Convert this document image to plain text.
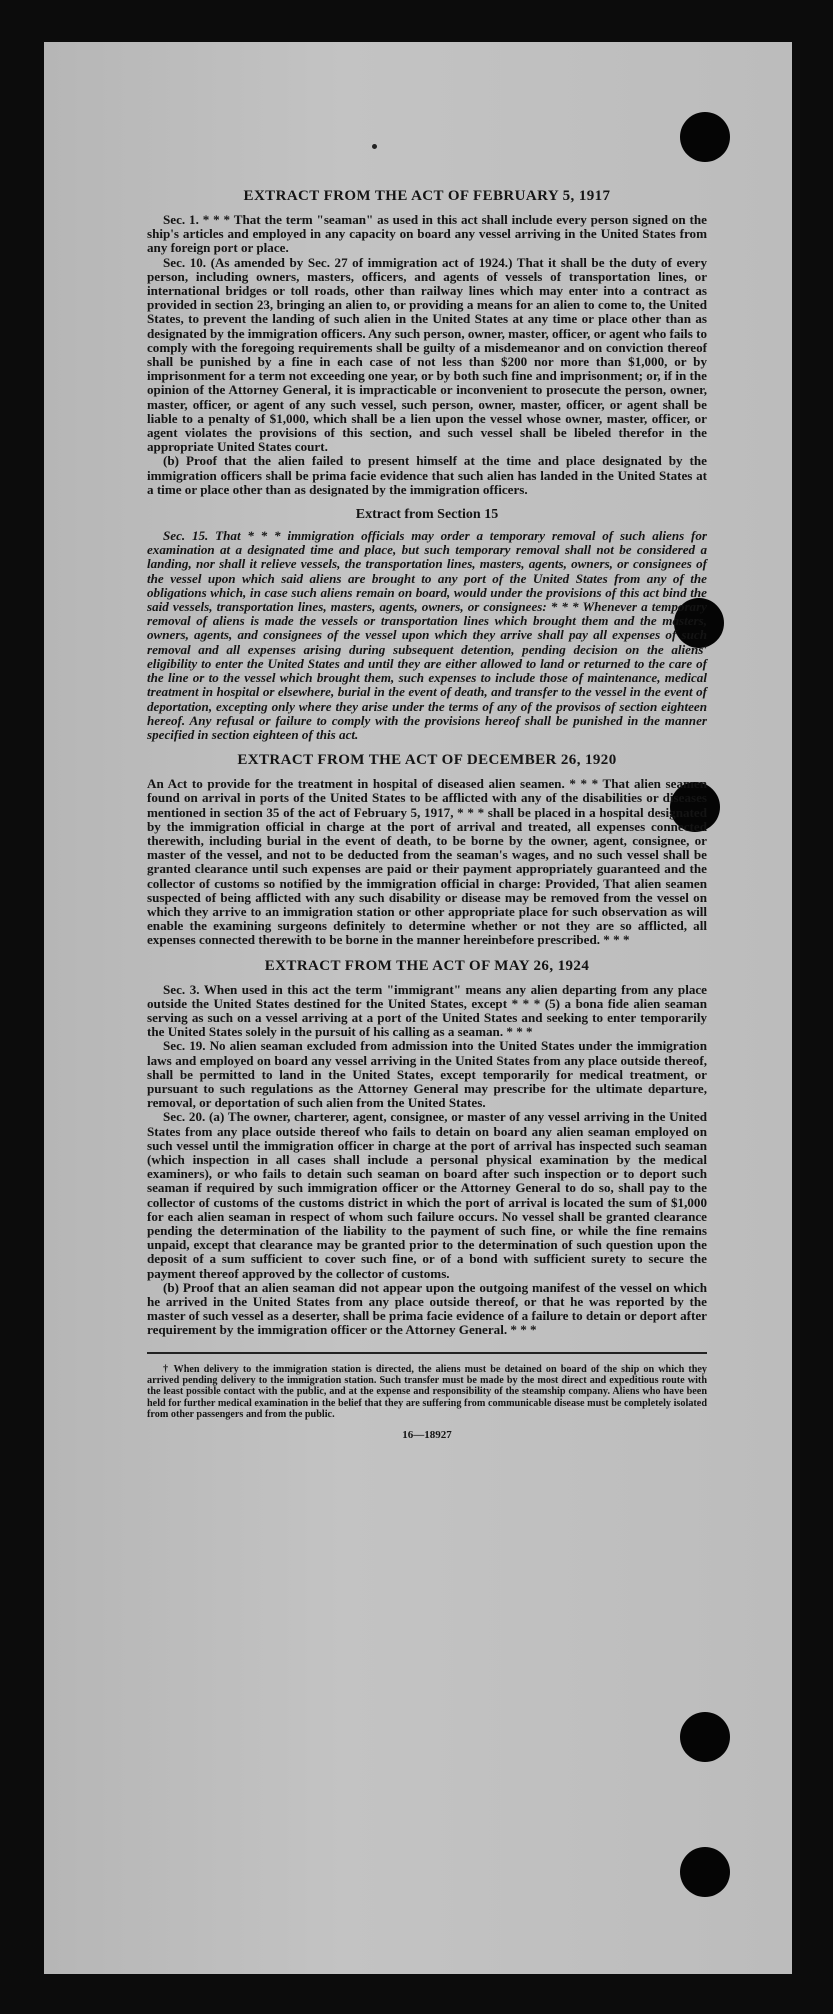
EXTRACT FROM THE ACT OF FEBRUARY 5, 1917

Sec. 1. * * * That the term "seaman" as used in this act shall include every person signed on the ship's articles and employed in any capacity on board any vessel arriving in the United States from any foreign port or place.

Sec. 10. (As amended by Sec. 27 of immigration act of 1924.) That it shall be the duty of every person, including owners, masters, officers, and agents of vessels of transportation lines, or international bridges or toll roads, other than railway lines which may enter into a contract as provided in section 23, bringing an alien to, or providing a means for an alien to come to, the United States, to prevent the landing of such alien in the United States at any time or place other than as designated by the immigration officers. Any such person, owner, master, officer, or agent who fails to comply with the foregoing requirements shall be guilty of a misdemeanor and on conviction thereof shall be punished by a fine in each case of not less than $200 nor more than $1,000, or by imprisonment for a term not exceeding one year, or by both such fine and imprisonment; or, if in the opinion of the Attorney General, it is impracticable or inconvenient to prosecute the person, owner, master, officer, or agent of any such vessel, such person, owner, master, officer, or agent shall be liable to a penalty of $1,000, which shall be a lien upon the vessel whose owner, master, officer, or agent violates the provisions of this section, and such vessel shall be libeled therefor in the appropriate United States court.

(b) Proof that the alien failed to present himself at the time and place designated by the immigration officers shall be prima facie evidence that such alien has landed in the United States at a time or place other than as designated by the immigration officers.

Extract from Section 15

Sec. 15. That * * * immigration officials may order a temporary removal of such aliens for examination at a designated time and place, but such temporary removal shall not be considered a landing, nor shall it relieve vessels, the transportation lines, masters, agents, owners, or consignees of the vessel upon which said aliens are brought to any port of the United States from any of the obligations which, in case such aliens remain on board, would under the provisions of this act bind the said vessels, transportation lines, masters, agents, owners, or consignees: * * * Whenever a temporary removal of aliens is made the vessels or transportation lines which brought them and the masters, owners, agents, and consignees of the vessel upon which they arrive shall pay all expenses of such removal and all expenses arising during subsequent detention, pending decision on the aliens' eligibility to enter the United States and until they are either allowed to land or returned to the care of the line or to the vessel which brought them, such expenses to include those of maintenance, medical treatment in hospital or elsewhere, burial in the event of death, and transfer to the vessel in the event of deportation, excepting only where they arise under the terms of any of the provisos of section eighteen hereof. Any refusal or failure to comply with the provisions hereof shall be punished in the manner specified in section eighteen of this act.

EXTRACT FROM THE ACT OF DECEMBER 26, 1920

An Act to provide for the treatment in hospital of diseased alien seamen. * * * That alien seamen found on arrival in ports of the United States to be afflicted with any of the disabilities or diseases mentioned in section 35 of the act of February 5, 1917, * * * shall be placed in a hospital designated by the immigration official in charge at the port of arrival and treated, all expenses connected therewith, including burial in the event of death, to be borne by the owner, agent, consignee, or master of the vessel, and not to be deducted from the seaman's wages, and no such vessel shall be granted clearance until such expenses are paid or their payment appropriately guaranteed and the collector of customs so notified by the immigration official in charge: Provided, That alien seamen suspected of being afflicted with any such disability or disease may be removed from the vessel on which they arrive to an immigration station or other appropriate place for such observation as will enable the examining surgeons definitely to determine whether or not they are so afflicted, all expenses connected therewith to be borne in the manner hereinbefore prescribed. * * *

EXTRACT FROM THE ACT OF MAY 26, 1924

Sec. 3. When used in this act the term "immigrant" means any alien departing from any place outside the United States destined for the United States, except * * * (5) a bona fide alien seaman serving as such on a vessel arriving at a port of the United States and seeking to enter temporarily the United States solely in the pursuit of his calling as a seaman. * * *

Sec. 19. No alien seaman excluded from admission into the United States under the immigration laws and employed on board any vessel arriving in the United States from any place outside thereof, shall be permitted to land in the United States, except temporarily for medical treatment, or pursuant to such regulations as the Attorney General may prescribe for the ultimate departure, removal, or deportation of such alien from the United States.

Sec. 20. (a) The owner, charterer, agent, consignee, or master of any vessel arriving in the United States from any place outside thereof who fails to detain on board any alien seaman employed on such vessel until the immigration officer in charge at the port of arrival has inspected such seaman (which inspection in all cases shall include a personal physical examination by the medical examiners), or who fails to detain such seaman on board after such inspection or to deport such seaman if required by such immigration officer or the Attorney General to do so, shall pay to the collector of customs of the customs district in which the port of arrival is located the sum of $1,000 for each alien seaman in respect of whom such failure occurs. No vessel shall be granted clearance pending the determination of the liability to the payment of such fine, or while the fine remains unpaid, except that clearance may be granted prior to the determination of such question upon the deposit of a sum sufficient to cover such fine, or of a bond with sufficient surety to secure the payment thereof approved by the collector of customs.

(b) Proof that an alien seaman did not appear upon the outgoing manifest of the vessel on which he arrived in the United States from any place outside thereof, or that he was reported by the master of such vessel as a deserter, shall be prima facie evidence of a failure to detain or deport after requirement by the immigration officer or the Attorney General. * * *

† When delivery to the immigration station is directed, the aliens must be detained on board of the ship on which they arrived pending delivery to the immigration station. Such transfer must be made by the most direct and expeditious route with the least possible contact with the public, and at the expense and responsibility of the steamship company. Aliens who have been held for further medical examination in the belief that they are suffering from communicable disease must be completely isolated from other passengers and from the public.

16—18927
